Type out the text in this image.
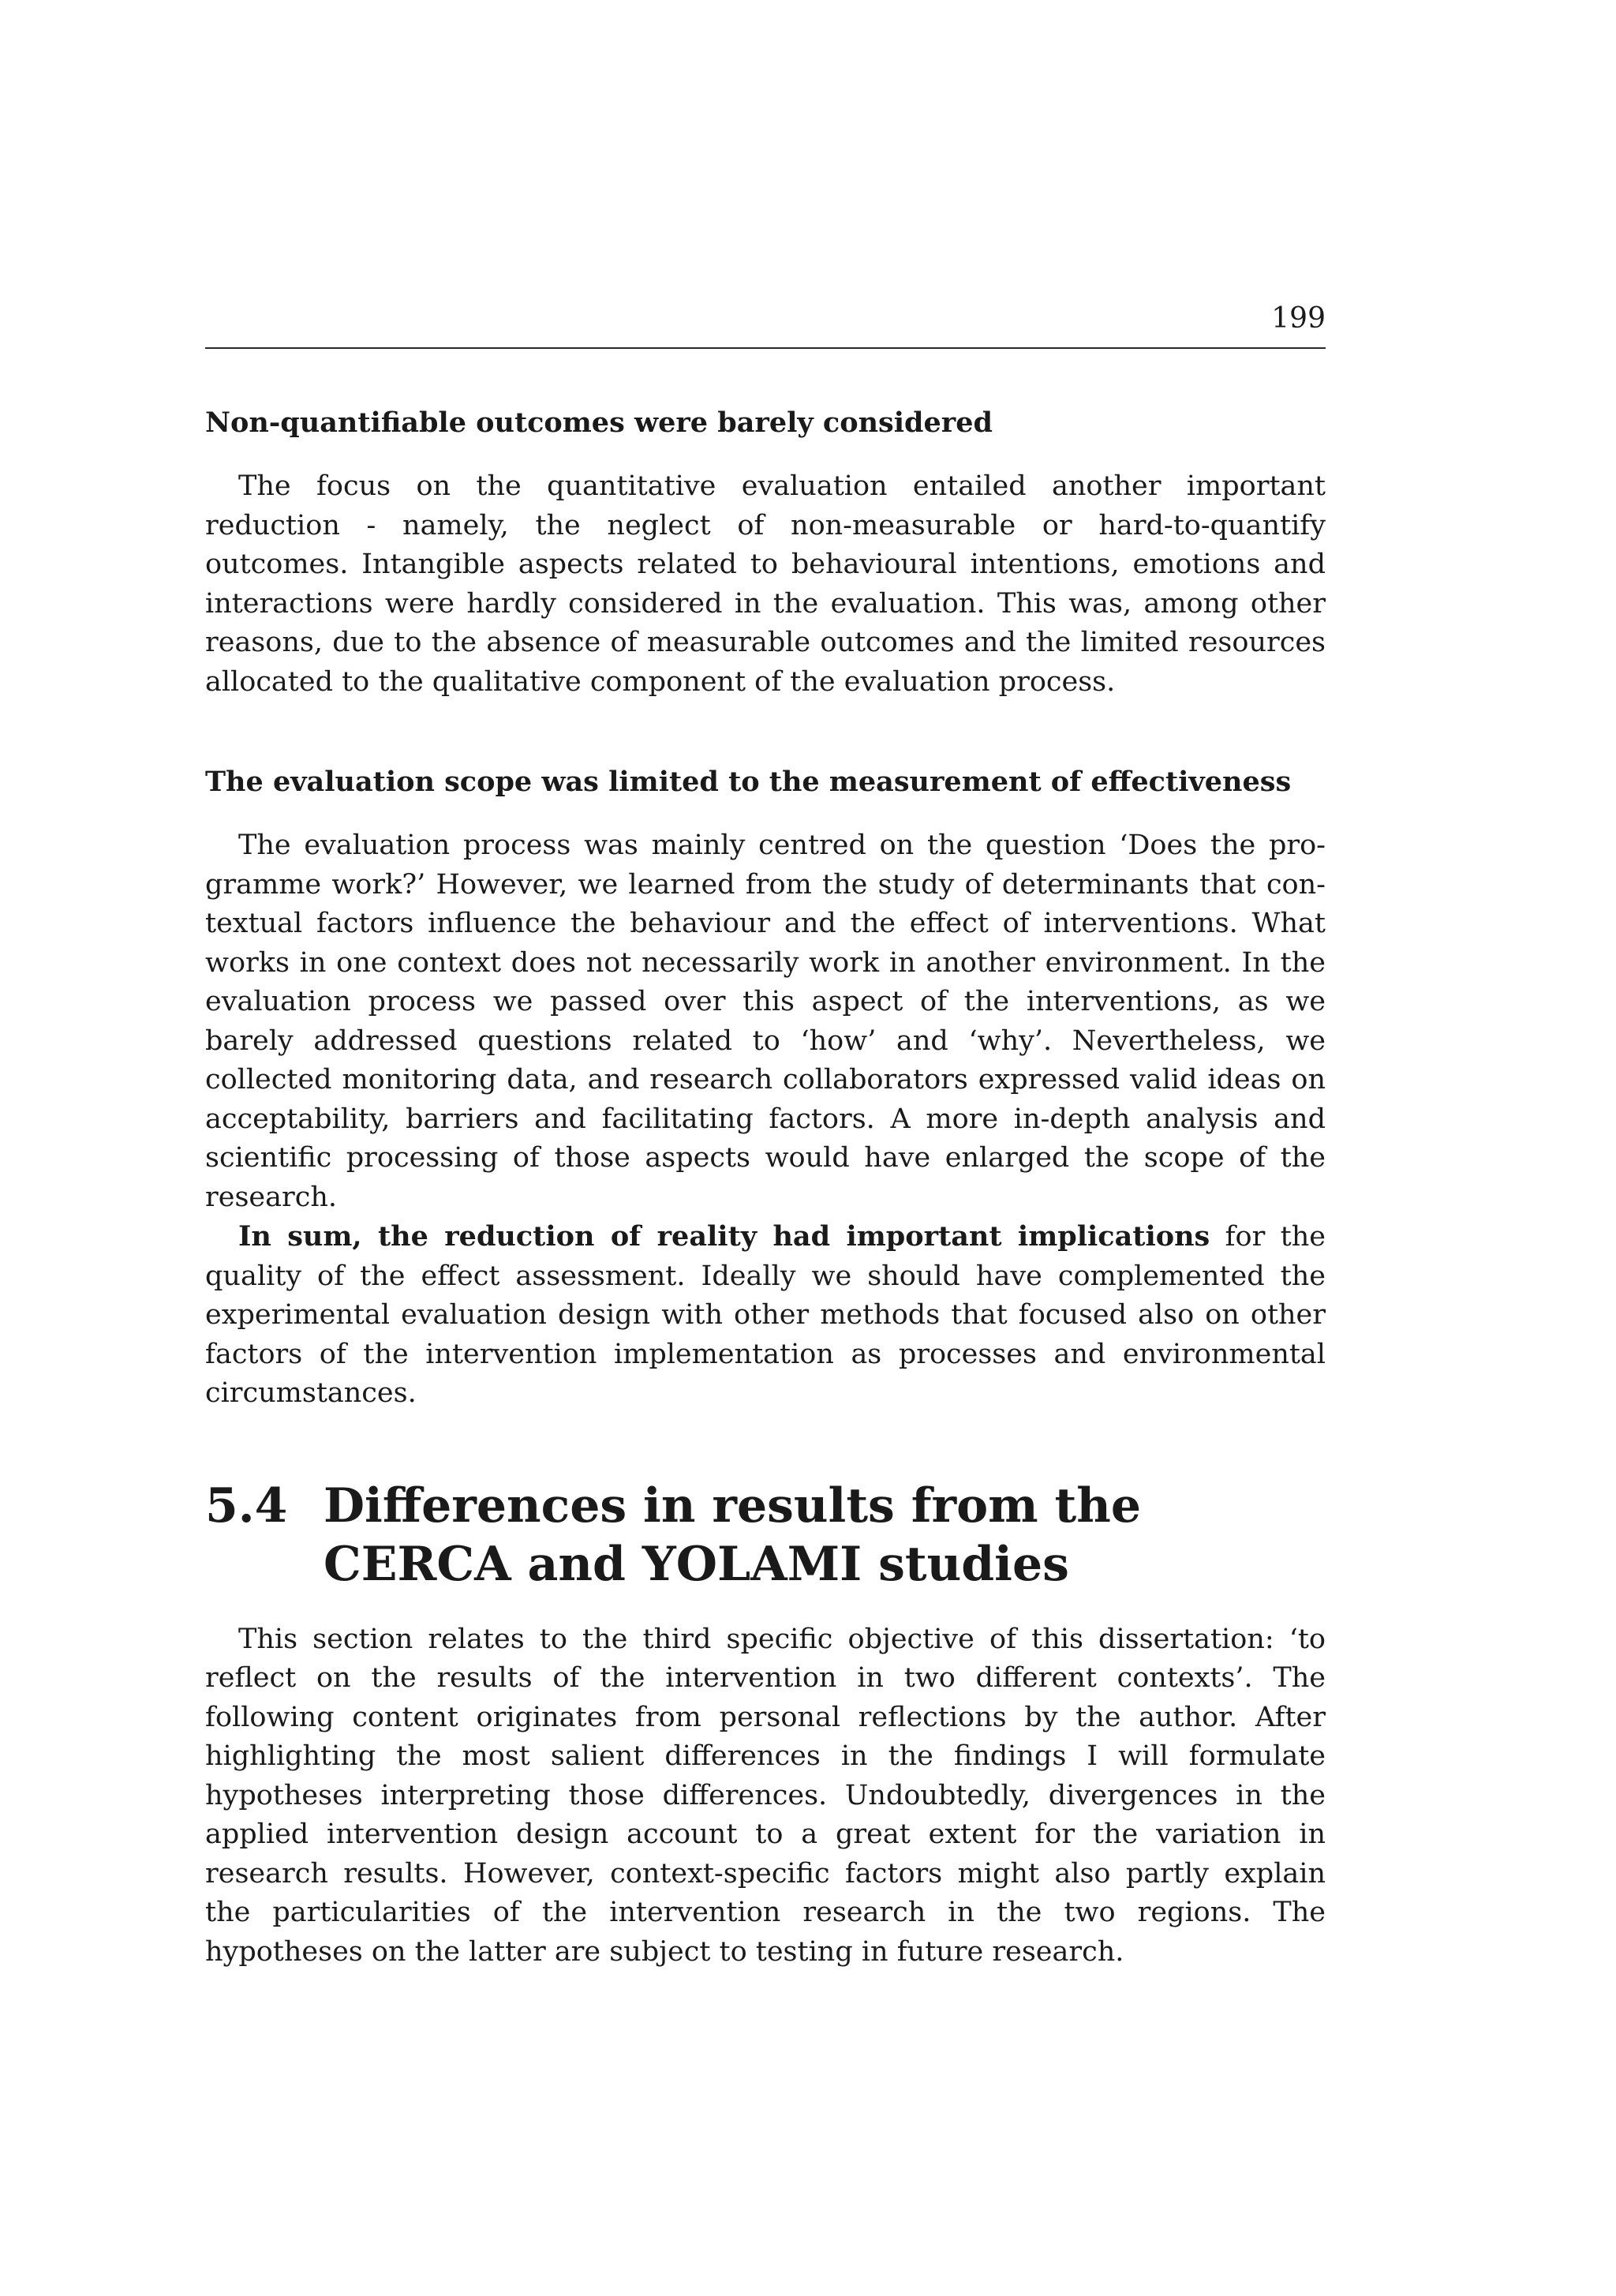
199
Non-quantifiable outcomes were barely considered

The focus on the quantitative evaluation entailed another important reduction - namely, the neglect of non-measurable or hard-to-quantify outcomes. Intangible aspects related to behavioural intentions, emotions and interactions were hardly considered in the evaluation. This was, among other reasons, due to the absence of measurable outcomes and the limited resources allocated to the qualitative component of the evaluation process.

The evaluation scope was limited to the measurement of effectiveness

The evaluation process was mainly centred on the question ‘Does the programme work?’ However, we learned from the study of determinants that contextual factors influence the behaviour and the effect of interventions. What works in one context does not necessarily work in another environment. In the evaluation process we passed over this aspect of the interventions, as we barely addressed questions related to ‘how’ and ‘why’. Nevertheless, we collected monitoring data, and research collaborators expressed valid ideas on acceptability, barriers and facilitating factors. A more in-depth analysis and scientific processing of those aspects would have enlarged the scope of the research.

In sum, the reduction of reality had important implications for the quality of the effect assessment. Ideally we should have complemented the experimental evaluation design with other methods that focused also on other factors of the intervention implementation as processes and environmental circumstances.

5.4 Differences in results from the CERCA and YOLAMI studies

This section relates to the third specific objective of this dissertation: ‘to reflect on the results of the intervention in two different contexts’. The following content originates from personal reflections by the author. After highlighting the most salient differences in the findings I will formulate hypotheses interpreting those differences. Undoubtedly, divergences in the applied intervention design account to a great extent for the variation in research results. However, context-specific factors might also partly explain the particularities of the intervention research in the two regions. The hypotheses on the latter are subject to testing in future research.
